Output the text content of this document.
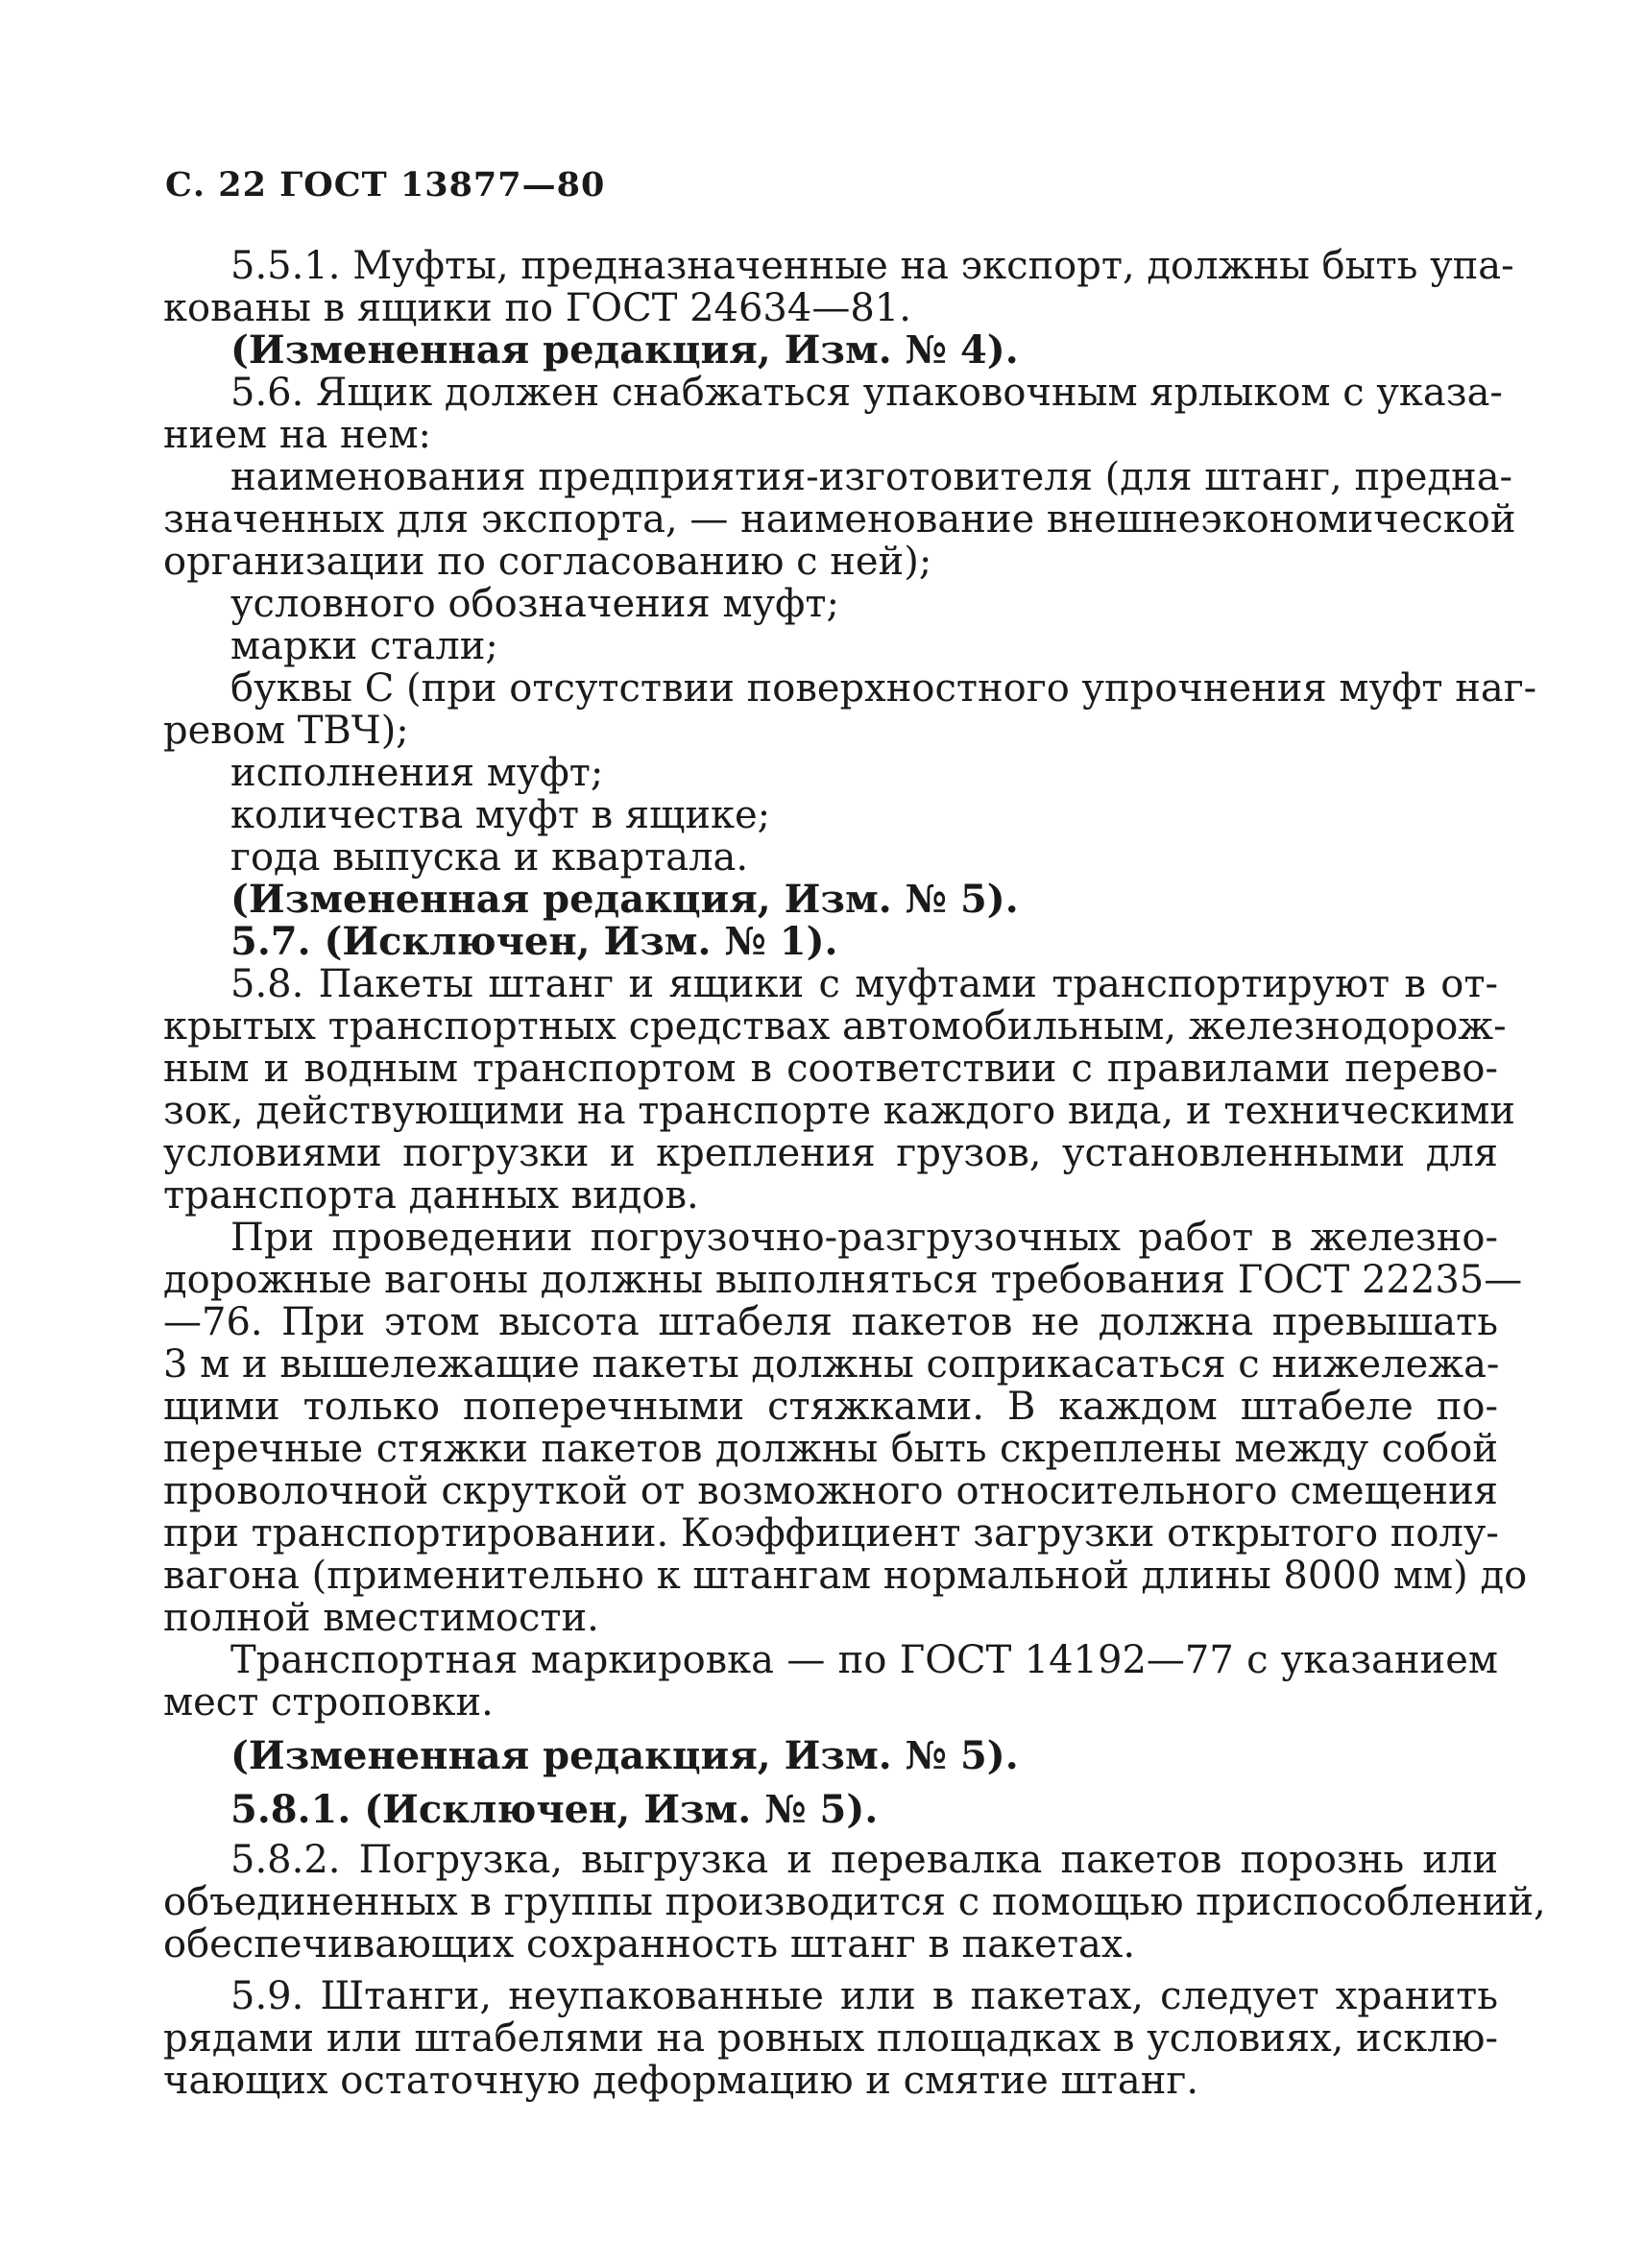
С. 22 ГОСТ 13877—80
5.5.1. Муфты, предназначенные на экспорт, должны быть упа-
кованы в ящики по ГОСТ 24634—81.
(Измененная редакция, Изм. № 4).
5.6. Ящик должен снабжаться упаковочным ярлыком с указа-
нием на нем:
наименования предприятия-изготовителя (для штанг, предна-
значенных для экспорта, — наименование внешнеэкономической
организации по согласованию с ней);
условного обозначения муфт;
марки стали;
буквы С (при отсутствии поверхностного упрочнения муфт наг-
ревом ТВЧ);
исполнения муфт;
количества муфт в ящике;
года выпуска и квартала.
(Измененная редакция, Изм. № 5).
5.7. (Исключен, Изм. № 1).
5.8. Пакеты штанг и ящики с муфтами транспортируют в от-
крытых транспортных средствах автомобильным, железнодорож-
ным и водным транспортом в соответствии с правилами перево-
зок, действующими на транспорте каждого вида, и техническими
условиями погрузки и крепления грузов, установленными для
транспорта данных видов.
При проведении погрузочно-разгрузочных работ в железно-
дорожные вагоны должны выполняться требования ГОСТ 22235—
—76. При этом высота штабеля пакетов не должна превышать
3 м и вышележащие пакеты должны соприкасаться с нижележа-
щими только поперечными стяжками. В каждом штабеле по-
перечные стяжки пакетов должны быть скреплены между собой
проволочной скруткой от возможного относительного смещения
при транспортировании. Коэффициент загрузки открытого полу-
вагона (применительно к штангам нормальной длины 8000 мм) до
полной вместимости.
Транспортная маркировка — по ГОСТ 14192—77 с указанием
мест строповки.
(Измененная редакция, Изм. № 5).
5.8.1. (Исключен, Изм. № 5).
5.8.2. Погрузка, выгрузка и перевалка пакетов порознь или
объединенных в группы производится с помощью приспособлений,
обеспечивающих сохранность штанг в пакетах.
5.9. Штанги, неупакованные или в пакетах, следует хранить
рядами или штабелями на ровных площадках в условиях, исклю-
чающих остаточную деформацию и смятие штанг.
